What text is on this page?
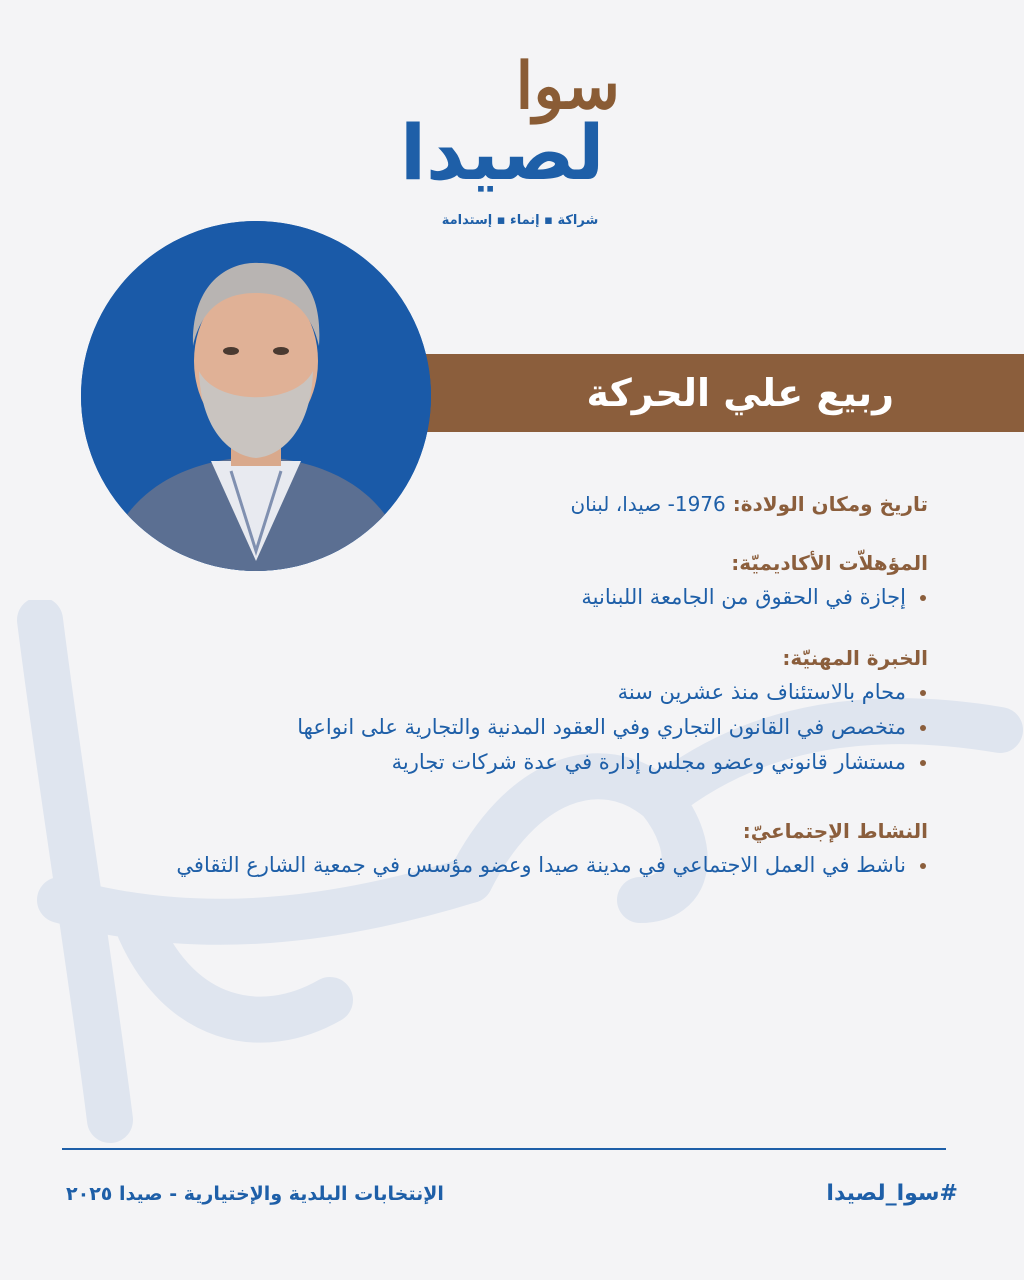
سوا
لصيدا
شراكة ▪ إنماء ▪ إستدامة
ربيع علي الحركة
تاريخ ومكان الولادة: 1976- صيدا، لبنان
المؤهلاّت الأكاديميّة:
إجازة في الحقوق من الجامعة اللبنانية
الخبرة المهنيّة:
محام بالاستئناف منذ عشرين سنة
متخصص في القانون التجاري وفي العقود المدنية والتجارية على انواعها
مستشار قانوني وعضو مجلس إدارة في عدة شركات تجارية
النشاط الإجتماعيّ:
ناشط في العمل الاجتماعي في مدينة صيدا وعضو مؤسس في جمعية الشارع الثقافي
الإنتخابات البلدية والإختيارية - صيدا ٢٠٢٥	#سوا_لصيدا
